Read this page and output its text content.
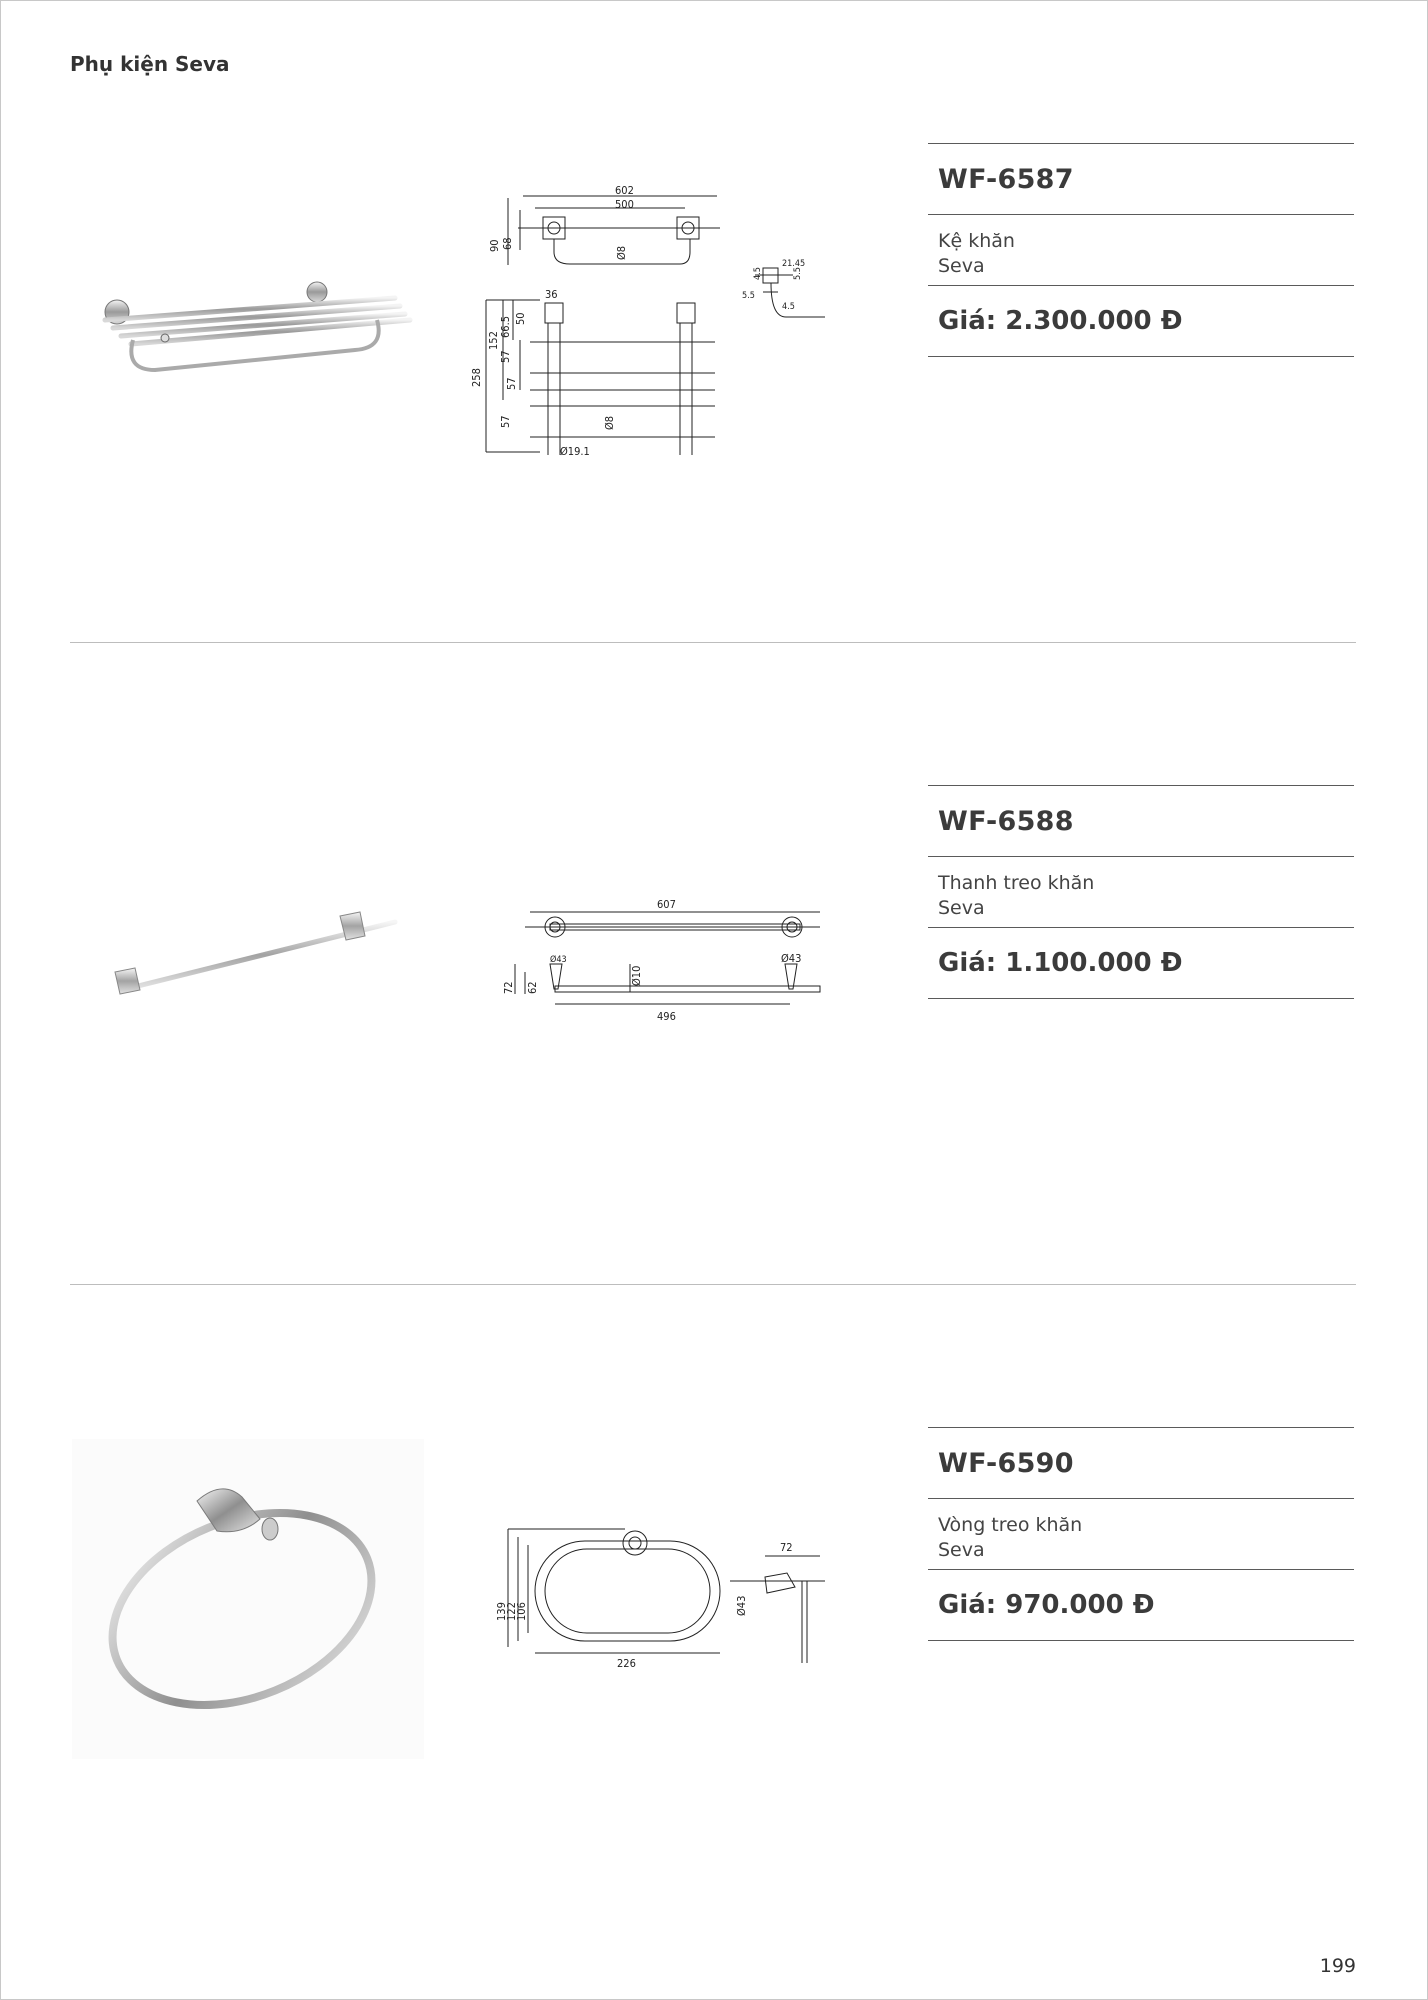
Phụ kiện Seva
602
500
90 68
Ø8
36
258
152
66.5 50
57
57
57	Ø8
Ø19.1
21.45
4.5
5.5
5.5
4.5
WF-6587
Kệ khăn
Seva
Giá: 2.300.000 Đ
607
Ø43	Ø43
72 62
Ø10
496
WF-6588
Thanh treo khăn
Seva
Giá: 1.100.000 Đ
139
122
106
226
72
Ø43
WF-6590
Vòng treo khăn
Seva
Giá: 970.000 Đ
199
